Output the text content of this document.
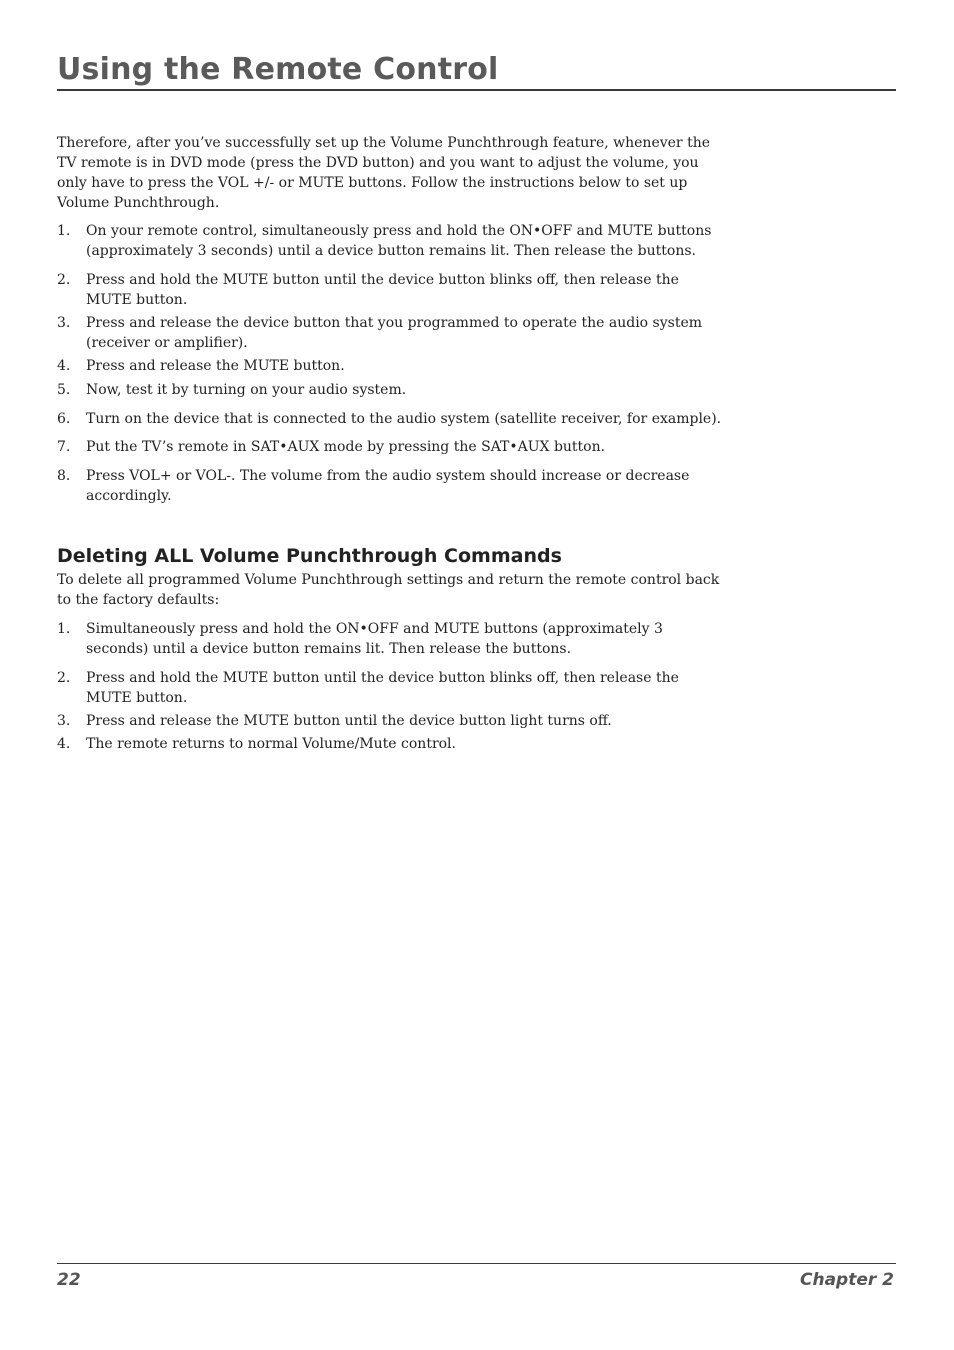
Using the Remote Control

Therefore, after you’ve successfully set up the Volume Punchthrough feature, whenever the TV remote is in DVD mode (press the DVD button) and you want to adjust the volume, you only have to press the VOL +/- or MUTE buttons. Follow the instructions below to set up Volume Punchthrough.

1. On your remote control, simultaneously press and hold the ON•OFF and MUTE buttons (approximately 3 seconds) until a device button remains lit. Then release the buttons.
2. Press and hold the MUTE button until the device button blinks off, then release the MUTE button.
3. Press and release the device button that you programmed to operate the audio system (receiver or amplifier).
4. Press and release the MUTE button.
5. Now, test it by turning on your audio system.
6. Turn on the device that is connected to the audio system (satellite receiver, for example).
7. Put the TV’s remote in SAT•AUX mode by pressing the SAT•AUX button.
8. Press VOL+ or VOL-. The volume from the audio system should increase or decrease accordingly.
Deleting ALL Volume Punchthrough Commands

To delete all programmed Volume Punchthrough settings and return the remote control back to the factory defaults:

1. Simultaneously press and hold the ON•OFF and MUTE buttons (approximately 3 seconds) until a device button remains lit. Then release the buttons.
2. Press and hold the MUTE button until the device button blinks off, then release the MUTE button.
3. Press and release the MUTE button until the device button light turns off.
4. The remote returns to normal Volume/Mute control.
22	Chapter 2
